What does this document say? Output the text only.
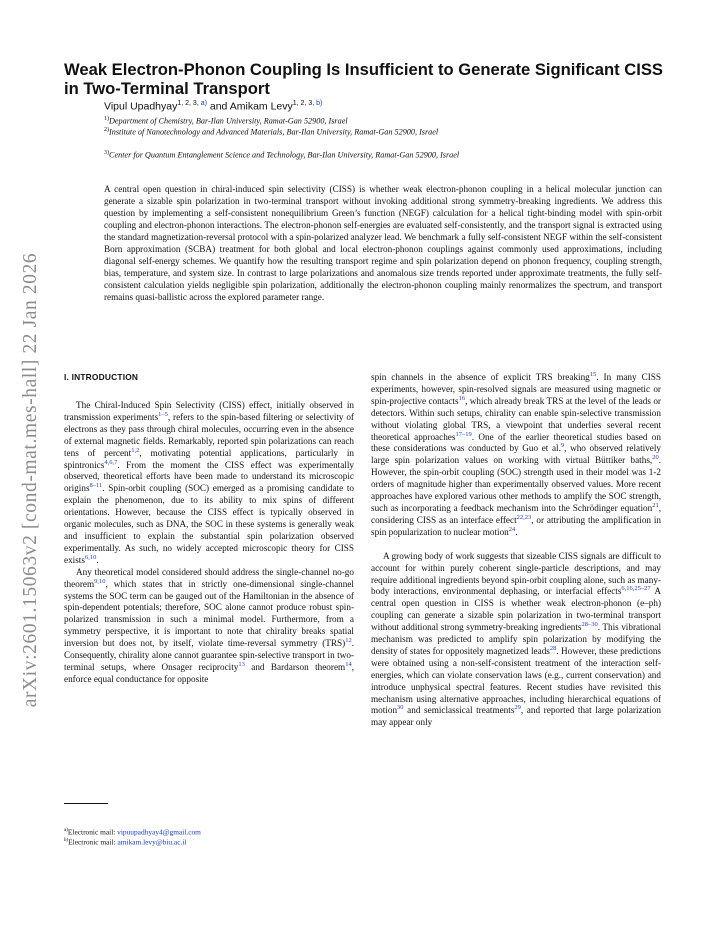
arXiv:2601.15063v2 [cond-mat.mes-hall] 22 Jan 2026
Weak Electron-Phonon Coupling Is Insufficient to Generate Significant CISS in Two-Terminal Transport
Vipul Upadhyay$^{1, 2, 3, a)}$ and Amikam Levy$^{1, 2, 3, b)}$
$^{1)}$Department of Chemistry, Bar-Ilan University, Ramat-Gan 52900, Israel
$^{2)}$Institute of Nanotechnology and Advanced Materials, Bar-Ilan University, Ramat-Gan 52900, Israel
$^{3)}$Center for Quantum Entanglement Science and Technology, Bar-Ilan University, Ramat-Gan 52900, Israel

A central open question in chiral-induced spin selectivity (CISS) is whether weak electron-phonon coupling in a helical molecular junction can generate a sizable spin polarization in two-terminal transport without invoking additional strong symmetry-breaking ingredients. We address this question by implementing a self-consistent nonequilibrium Green’s function (NEGF) calculation for a helical tight-binding model with spin-orbit coupling and electron-phonon interactions. The electron-phonon self-energies are evaluated self-consistently, and the transport signal is extracted using the standard magnetization-reversal protocol with a spin-polarized analyzer lead. We benchmark a fully self-consistent NEGF within the self-consistent Born approximation (SCBA) treatment for both global and local electron-phonon couplings against commonly used approximations, including diagonal self-energy schemes. We quantify how the resulting transport regime and spin polarization depend on phonon frequency, coupling strength, bias, temperature, and system size. In contrast to large polarizations and anomalous size trends reported under approximate treatments, the fully self-consistent calculation yields negligible spin polarization, additionally the electron-phonon coupling mainly renormalizes the spectrum, and transport remains quasi-ballistic across the explored parameter range.

I. INTRODUCTION

The Chiral-Induced Spin Selectivity (CISS) effect, initially observed in transmission experiments$^{1-5}$, refers to the spin-based filtering or selectivity of electrons as they pass through chiral molecules, occurring even in the absence of external magnetic fields. Remarkably, reported spin polarizations can reach tens of percent$^{1,2}$, motivating potential applications, particularly in spintronics$^{4,6,7}$. From the moment the CISS effect was experimentally observed, theoretical efforts have been made to understand its microscopic origins$^{8-11}$. Spin-orbit coupling (SOC) emerged as a promising candidate to explain the phenomenon, due to its ability to mix spins of different orientations. However, because the CISS effect is typically observed in organic molecules, such as DNA, the SOC in these systems is generally weak and insufficient to explain the substantial spin polarization observed experimentally. As such, no widely accepted microscopic theory for CISS exists$^{6,10}$.

Any theoretical model considered should address the single-channel no-go theorem$^{9,10}$, which states that in strictly one-dimensional single-channel systems the SOC term can be gauged out of the Hamiltonian in the absence of spin-dependent potentials; therefore, SOC alone cannot produce robust spin-polarized transmission in such a minimal model. Furthermore, from a symmetry perspective, it is important to note that chirality breaks spatial inversion but does not, by itself, violate time-reversal symmetry (TRS)$^{12}$. Consequently, chirality alone cannot guarantee spin-selective transport in two-terminal setups, where Onsager reciprocity$^{13}$ and Bardarson theorem$^{14}$, enforce equal conductance for opposite

spin channels in the absence of explicit TRS breaking$^{15}$. In many CISS experiments, however, spin-resolved signals are measured using magnetic or spin-projective contacts$^{16}$, which already break TRS at the level of the leads or detectors. Within such setups, chirality can enable spin-selective transmission without violating global TRS, a viewpoint that underlies several recent theoretical approaches$^{17-19}$. One of the earlier theoretical studies based on these considerations was conducted by Guo et al.$^9$, who observed relatively large spin polarization values on working with virtual Büttiker baths,$^{20}$. However, the spin-orbit coupling (SOC) strength used in their model was 1-2 orders of magnitude higher than experimentally observed values. More recent approaches have explored various other methods to amplify the SOC strength, such as incorporating a feedback mechanism into the Schrödinger equation$^{21}$, considering CISS as an interface effect$^{22,23}$, or attributing the amplification in spin popularization to nuclear motion$^{24}$.

A growing body of work suggests that sizeable CISS signals are difficult to account for within purely coherent single-particle descriptions, and may require additional ingredients beyond spin-orbit coupling alone, such as many-body interactions, environmental dephasing, or interfacial effects$^{6,16,25-27}$ A central open question in CISS is whether weak electron-phonon (e–ph) coupling can generate a sizable spin polarization in two-terminal transport without additional strong symmetry-breaking ingredients$^{28-30}$. This vibrational mechanism was predicted to amplify spin polarization by modifying the density of states for oppositely magnetized leads$^{28}$. However, these predictions were obtained using a non-self-consistent treatment of the interaction self-energies, which can violate conservation laws (e.g., current conservation) and introduce unphysical spectral features. Recent studies have revisited this mechanism using alternative approaches, including hierarchical equations of motion$^{30}$ and semiclassical treatments$^{29}$, and reported that large polarization may appear only

$^{a)}$Electronic mail: vipuupadhyay4@gmail.com
$^{b)}$Electronic mail: amikam.levy@biu.ac.il
